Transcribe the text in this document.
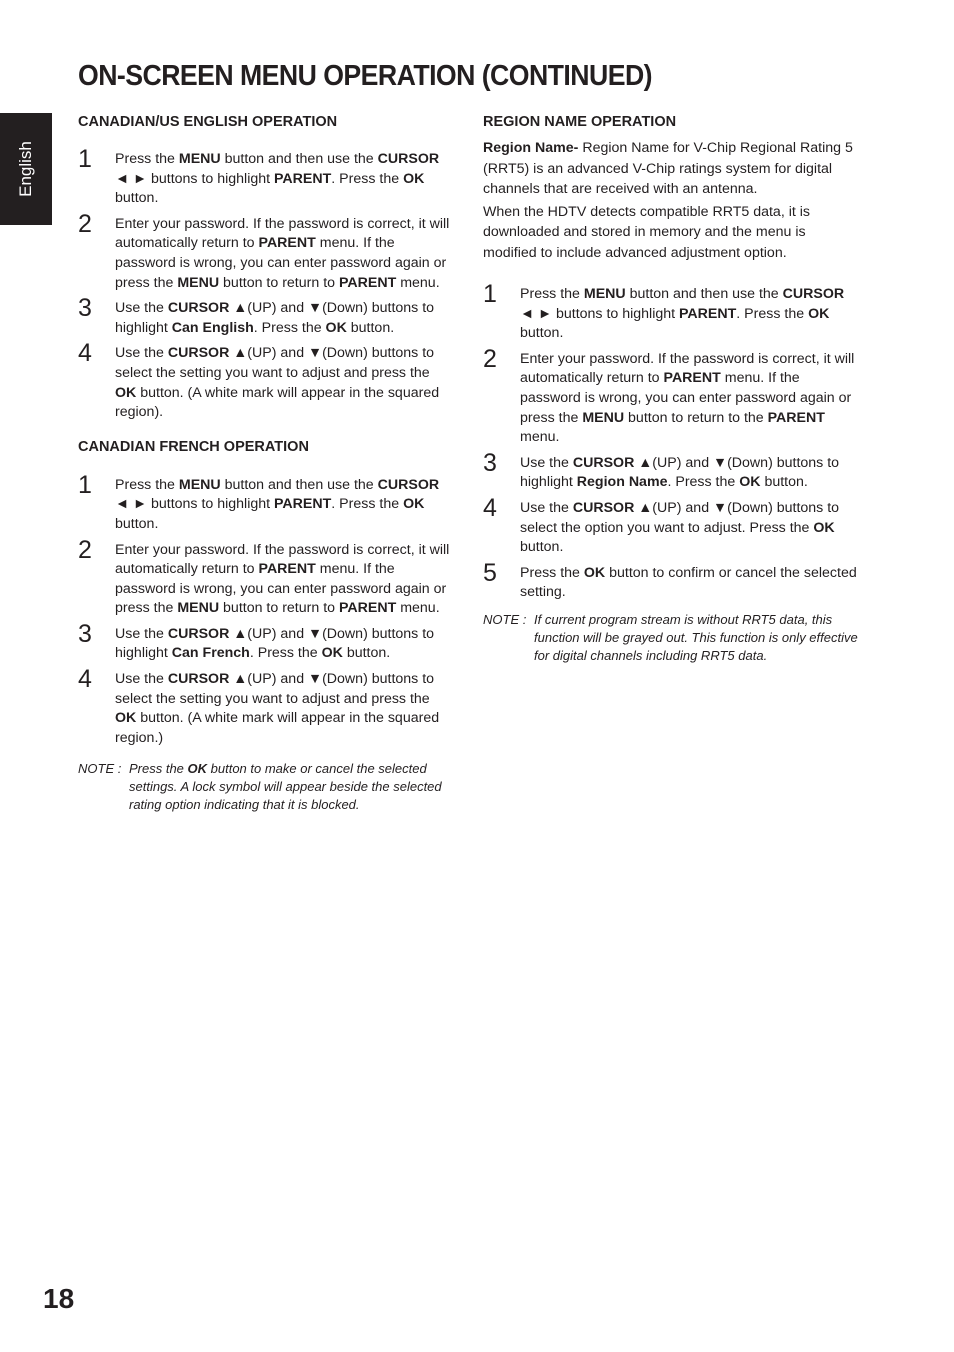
English
ON-SCREEN MENU OPERATION (CONTINUED)
CANADIAN/US ENGLISH OPERATION
1 Press the MENU button and then use the CURSOR
◄ ► buttons to highlight PARENT. Press the OK
button.
2 Enter your password. If the password is correct, it will automatically return to PARENT menu. If the password is wrong, you can enter password again or press the MENU button to return to PARENT menu.
3 Use the CURSOR ▲(UP) and ▼(Down) buttons to highlight Can English. Press the OK button.
4 Use the CURSOR ▲(UP) and ▼(Down) buttons to select the setting you want to adjust and press the OK button. (A white mark will appear in the squared region).
CANADIAN FRENCH OPERATION
1 Press the MENU button and then use the CURSOR
◄ ► buttons to highlight PARENT. Press the OK
button.
2 Enter your password. If the password is correct, it will automatically return to PARENT menu. If the password is wrong, you can enter password again or press the MENU button to return to PARENT menu.
3 Use the CURSOR ▲(UP) and ▼(Down) buttons to highlight Can French. Press the OK button.
4 Use the CURSOR ▲(UP) and ▼(Down) buttons to select the setting you want to adjust and press the OK button. (A white mark will appear in the squared region.)
NOTE : Press the OK button to make or cancel the selected settings. A lock symbol will appear beside the selected rating option indicating that it is blocked.
REGION NAME OPERATION
Region Name- Region Name for V-Chip Regional Rating 5 (RRT5) is an advanced V-Chip ratings system for digital channels that are received with an antenna.
When the HDTV detects compatible RRT5 data, it is downloaded and stored in memory and the menu is modified to include advanced adjustment option.
1 Press the MENU button and then use the CURSOR
◄ ► buttons to highlight PARENT. Press the OK
button.
2 Enter your password. If the password is correct, it will automatically return to PARENT menu. If the password is wrong, you can enter password again or press the MENU button to return to the PARENT menu.
3 Use the CURSOR ▲(UP) and ▼(Down) buttons to highlight Region Name. Press the OK button.
4 Use the CURSOR ▲(UP) and ▼(Down) buttons to select the option you want to adjust. Press the OK button.
5 Press the OK button to confirm or cancel the selected setting.
NOTE : If current program stream is without RRT5 data, this function will be grayed out. This function is only effective for digital channels including RRT5 data.
18
